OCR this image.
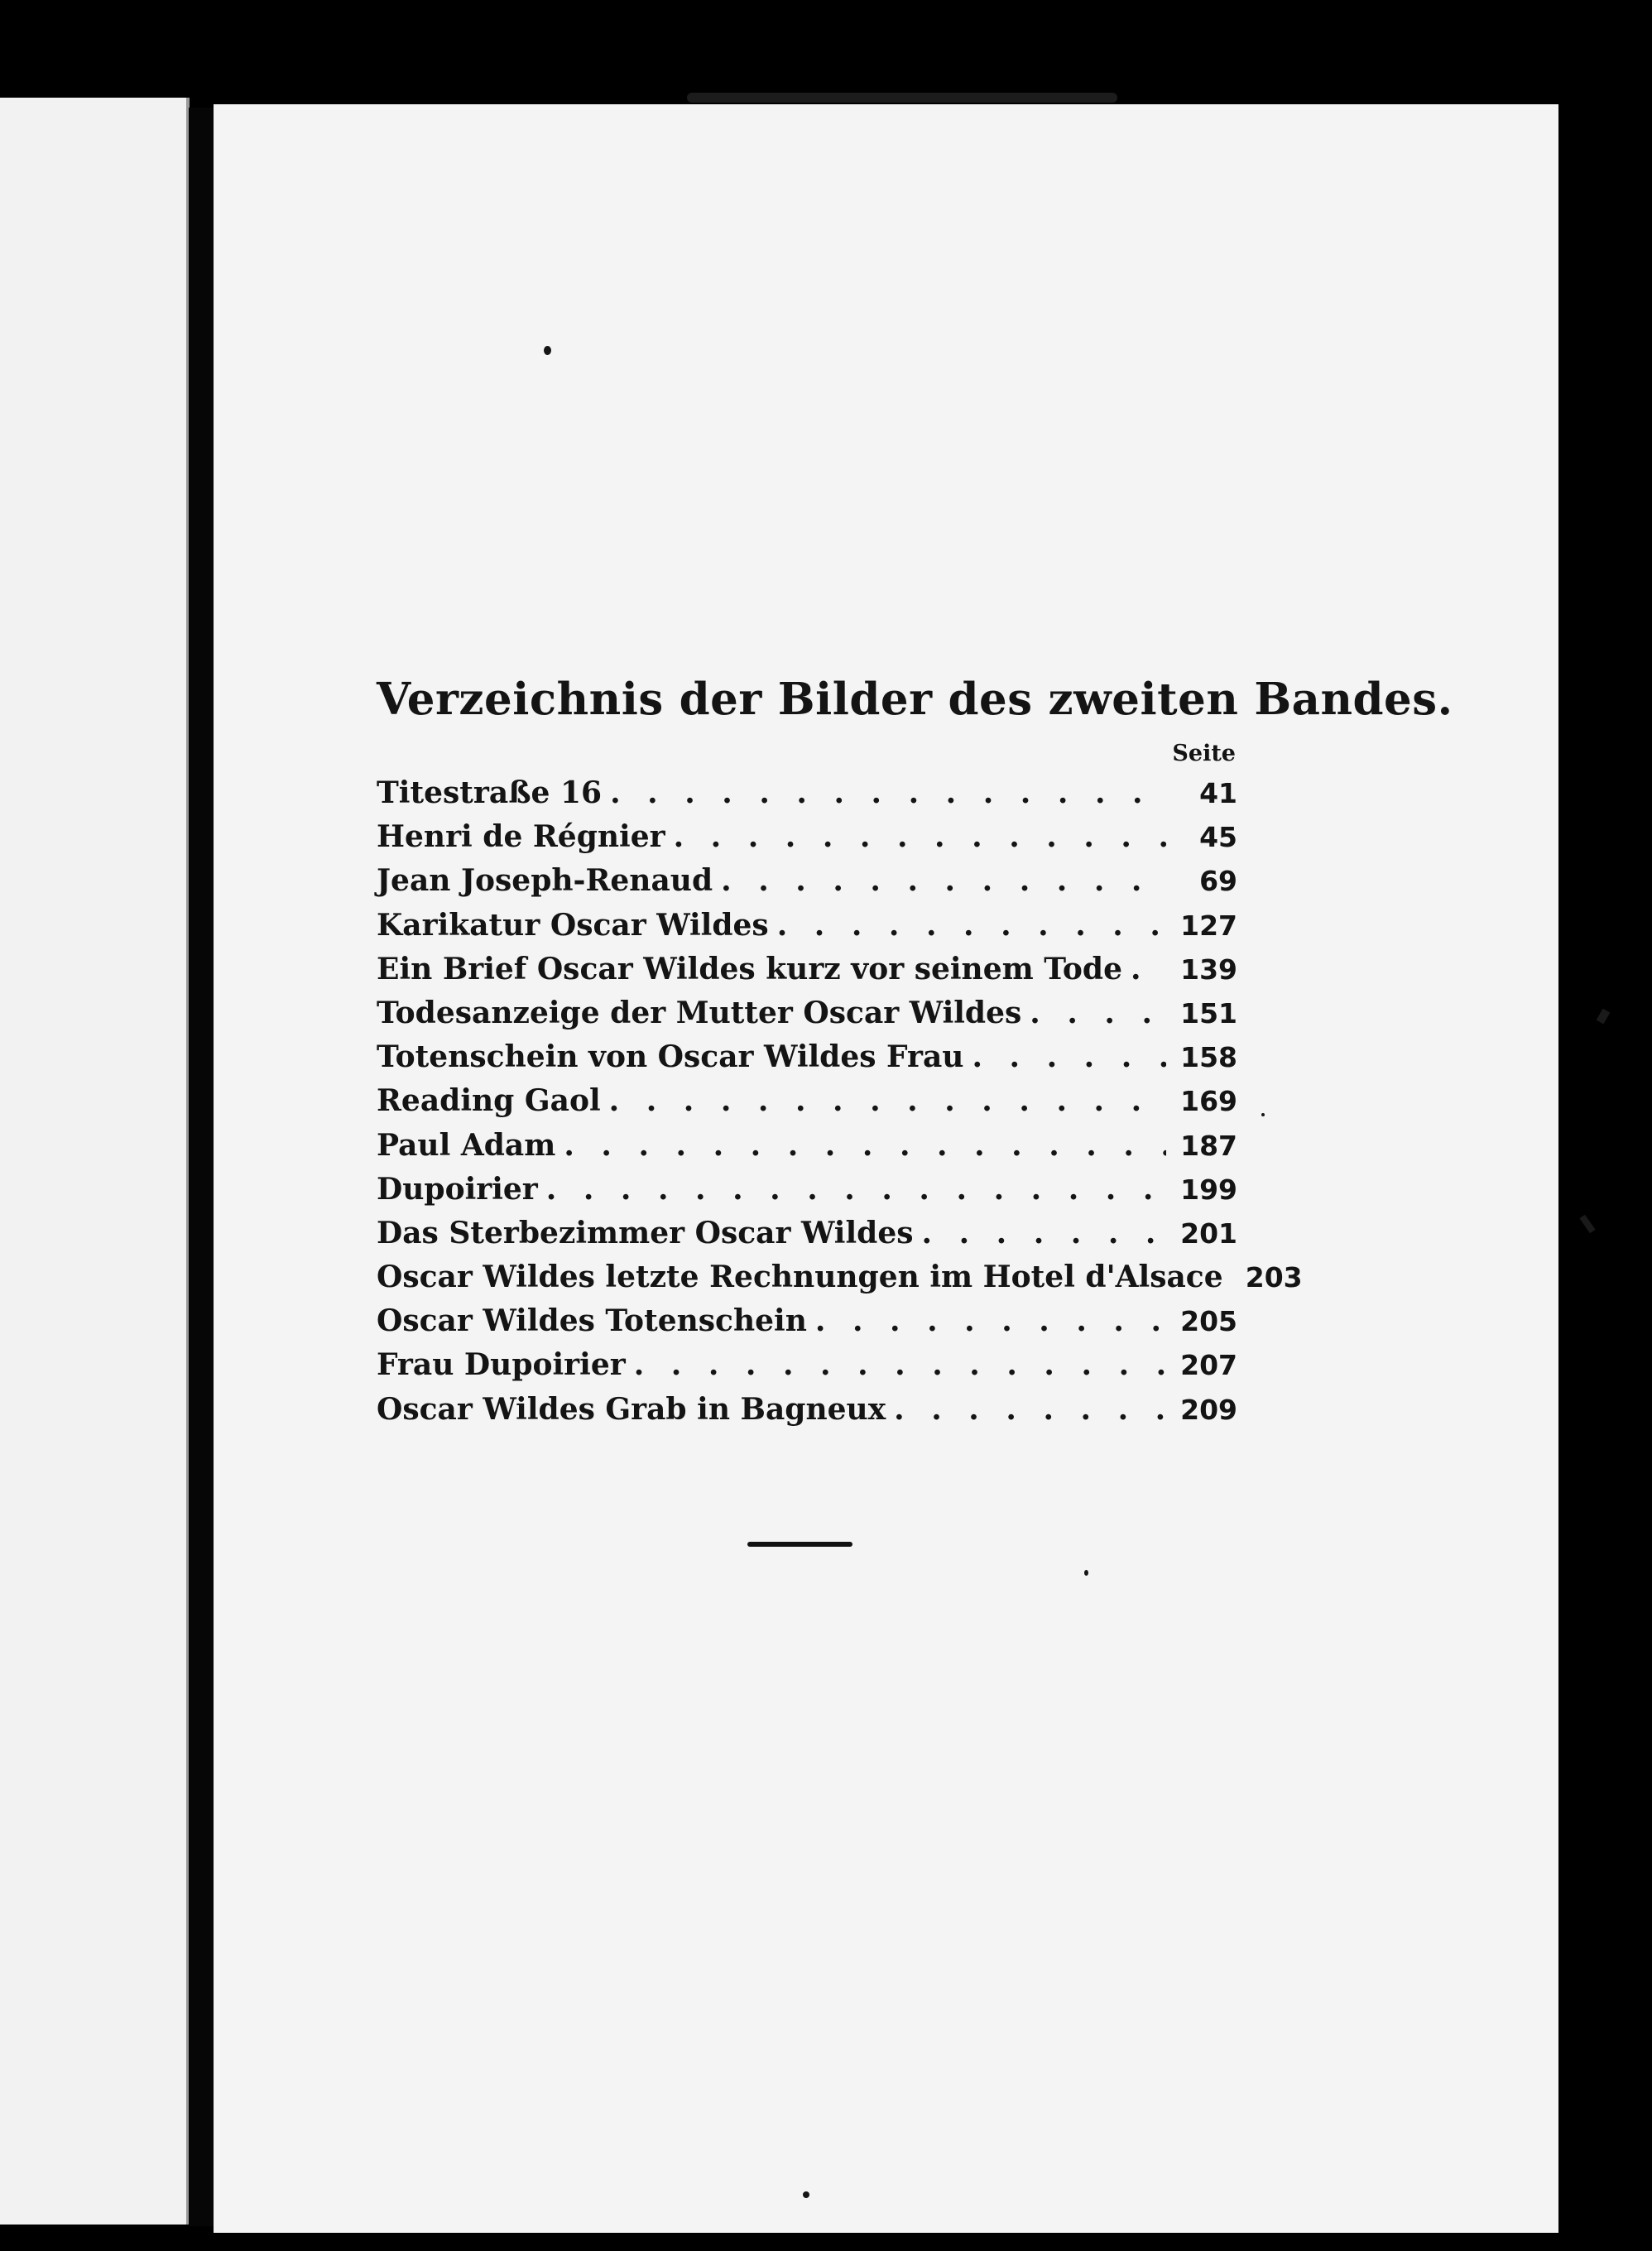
Verzeichnis der Bilder des zweiten Bandes.
Seite
Titestraße 16 . . .	41
Henri de Régnier . . .	45
Jean Joseph-Renaud . . .	69
Karikatur Oscar Wildes . . .	127
Ein Brief Oscar Wildes kurz vor seinem Tode . . .	139
Todesanzeige der Mutter Oscar Wildes . . .	151
Totenschein von Oscar Wildes Frau . . .	158
Reading Gaol . . .	169
Paul Adam . . .	187
Dupoirier . . .	199
Das Sterbezimmer Oscar Wildes . . .	201
Oscar Wildes letzte Rechnungen im Hotel d'Alsace 203
Oscar Wildes Totenschein . . .	205
Frau Dupoirier . . .	207
Oscar Wildes Grab in Bagneux . . .	209
